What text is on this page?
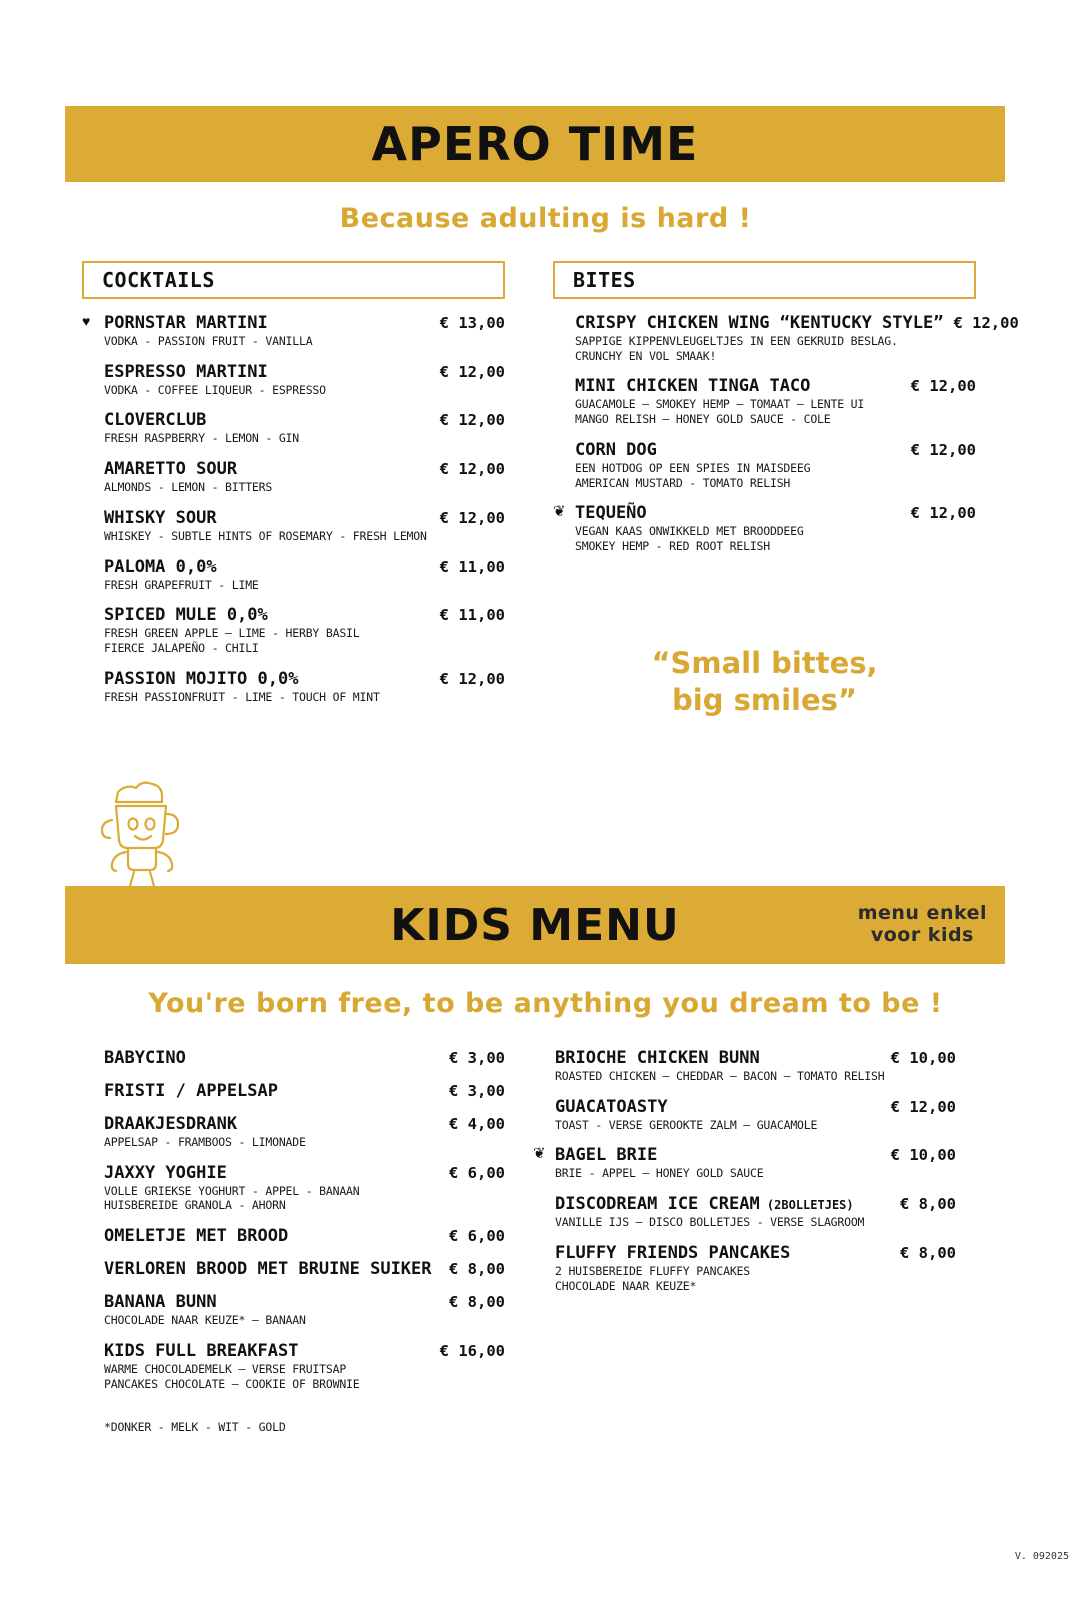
APERO TIME
Because adulting is hard !
COCKTAILS	BITES
♥ PORNSTAR MARTINI	€ 13,00
VODKA - PASSION FRUIT - VANILLA
ESPRESSO MARTINI	€ 12,00
VODKA - COFFEE LIQUEUR - ESPRESSO
CLOVERCLUB	€ 12,00
FRESH RASPBERRY - LEMON - GIN
AMARETTO SOUR	€ 12,00
ALMONDS - LEMON - BITTERS
WHISKY SOUR	€ 12,00
WHISKEY - SUBTLE HINTS OF ROSEMARY - FRESH LEMON
PALOMA 0,0%	€ 11,00
FRESH GRAPEFRUIT - LIME
SPICED MULE 0,0%	€ 11,00
FRESH GREEN APPLE – LIME - HERBY BASIL
FIERCE JALAPEÑO - CHILI
PASSION MOJITO 0,0%	€ 12,00
FRESH PASSIONFRUIT - LIME - TOUCH OF MINT
CRISPY CHICKEN WING “KENTUCKY STYLE” € 12,00
SAPPIGE KIPPENVLEUGELTJES IN EEN GEKRUID BESLAG.
CRUNCHY EN VOL SMAAK!
MINI CHICKEN TINGA TACO	€ 12,00
GUACAMOLE – SMOKEY HEMP – TOMAAT – LENTE UI
MANGO RELISH – HONEY GOLD SAUCE - COLE
CORN DOG	€ 12,00
EEN HOTDOG OP EEN SPIES IN MAISDEEG
AMERICAN MUSTARD - TOMATO RELISH
❦ TEQUEÑO	€ 12,00
VEGAN KAAS ONWIKKELD MET BROODDEEG
SMOKEY HEMP - RED ROOT RELISH
“Small bittes,
big smiles”
KIDS MENU	menu enkel
voor kids
You're born free, to be anything you dream to be !
BABYCINO	€ 3,00
FRISTI / APPELSAP	€ 3,00
DRAAKJESDRANK	€ 4,00
APPELSAP - FRAMBOOS - LIMONADE
JAXXY YOGHIE	€ 6,00
VOLLE GRIEKSE YOGHURT - APPEL - BANAAN
HUISBEREIDE GRANOLA - AHORN
OMELETJE MET BROOD	€ 6,00
VERLOREN BROOD MET BRUINE SUIKER	€ 8,00
BANANA BUNN	€ 8,00
CHOCOLADE NAAR KEUZE* – BANAAN
KIDS FULL BREAKFAST	€ 16,00
WARME CHOCOLADEMELK – VERSE FRUITSAP
PANCAKES CHOCOLATE – COOKIE OF BROWNIE
BRIOCHE CHICKEN BUNN	€ 10,00
ROASTED CHICKEN – CHEDDAR – BACON – TOMATO RELISH
GUACATOASTY	€ 12,00
TOAST - VERSE GEROOKTE ZALM – GUACAMOLE
❦ BAGEL BRIE	€ 10,00
BRIE - APPEL – HONEY GOLD SAUCE
DISCODREAM ICE CREAM (2BOLLETJES)	€ 8,00
VANILLE IJS – DISCO BOLLETJES - VERSE SLAGROOM
FLUFFY FRIENDS PANCAKES	€ 8,00
2 HUISBEREIDE FLUFFY PANCAKES
CHOCOLADE NAAR KEUZE*
*DONKER - MELK - WIT - GOLD
V. 092025
